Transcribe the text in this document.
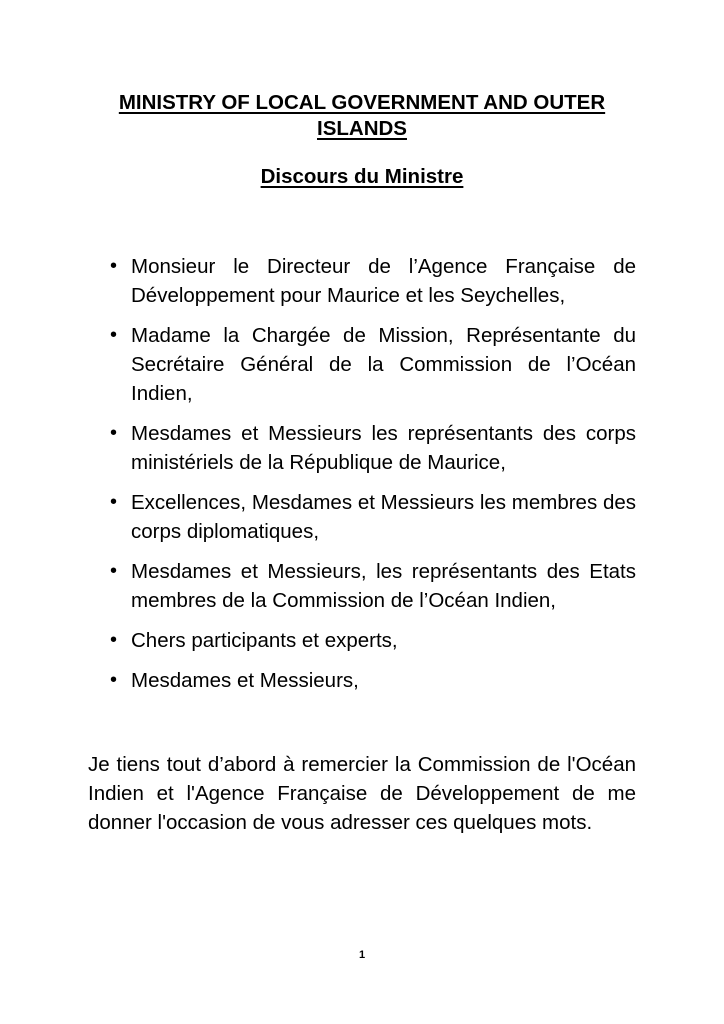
MINISTRY OF LOCAL GOVERNMENT AND OUTER
ISLANDS
Discours du Ministre
• Monsieur le Directeur de l’Agence Française de Développement pour Maurice et les Seychelles,
• Madame la Chargée de Mission, Représentante du Secrétaire Général de la Commission de l’Océan Indien,
• Mesdames et Messieurs les représentants des corps ministériels de la République de Maurice,
• Excellences, Mesdames et Messieurs les membres des corps diplomatiques,
• Mesdames et Messieurs, les représentants des Etats membres de la Commission de l’Océan Indien,
• Chers participants et experts,
• Mesdames et Messieurs,

Je tiens tout d’abord à remercier la Commission de l'Océan Indien et l'Agence Française de Développement de me donner l'occasion de vous adresser ces quelques mots.

1
